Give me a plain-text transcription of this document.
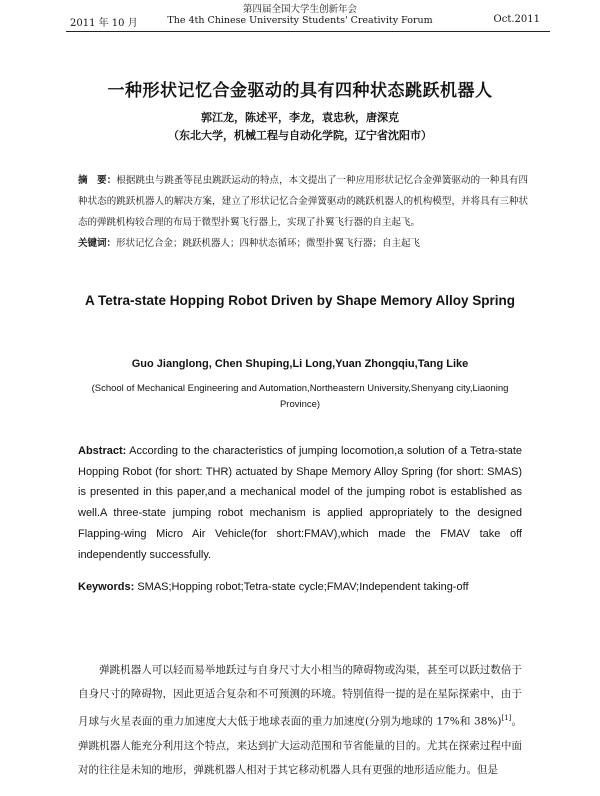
2011 年 10 月
第四届全国大学生创新年会
The 4th Chinese University Students' Creativity Forum	Oct.2011
一种形状记忆合金驱动的具有四种状态跳跃机器人
郭江龙，陈述平，李龙，袁忠秋，唐深克
（东北大学，机械工程与自动化学院，辽宁省沈阳市）
摘　要：根据跳虫与跳蚤等昆虫跳跃运动的特点，本文提出了一种应用形状记忆合金弹簧驱动的一种具有四种状态的跳跃机器人的解决方案，建立了形状记忆合金弹簧驱动的跳跃机器人的机构模型，并将具有三种状态的弹跳机构较合理的布局于微型扑翼飞行器上，实现了扑翼飞行器的自主起飞。
关键词：形状记忆合金；跳跃机器人；四种状态循环；微型扑翼飞行器；自主起飞
A Tetra-state Hopping Robot Driven by Shape Memory Alloy Spring
Guo Jianglong, Chen Shuping,Li Long,Yuan Zhongqiu,Tang Like
(School of Mechanical Engineering and Automation,Northeastern University,Shenyang city,Liaoning Province)
Abstract: According to the characteristics of jumping locomotion,a solution of a Tetra-state Hopping Robot (for short: THR) actuated by Shape Memory Alloy Spring (for short: SMAS) is presented in this paper,and a mechanical model of the jumping robot is established as well.A three-state jumping robot mechanism is applied appropriately to the designed Flapping-wing Micro Air Vehicle(for short:FMAV),which made the FMAV take off independently successfully.
Keywords: SMAS;Hopping robot;Tetra-state cycle;FMAV;Independent taking-off
弹跳机器人可以轻而易举地跃过与自身尺寸大小相当的障碍物或沟渠，甚至可以跃过数倍于自身尺寸的障碍物，因此更适合复杂和不可预测的环境。特别值得一提的是在星际探索中，由于月球与火星表面的重力加速度大大低于地球表面的重力加速度(分别为地球的 17%和 38%)[1]。弹跳机器人能充分利用这个特点，来达到扩大运动范围和节省能量的目的。尤其在探索过程中面对的往往是未知的地形，弹跳机器人相对于其它移动机器人具有更强的地形适应能力。但是
